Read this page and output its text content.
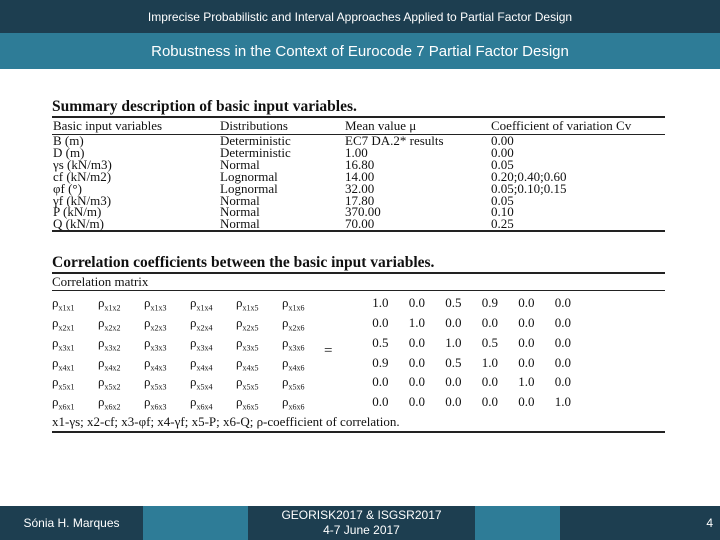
Imprecise Probabilistic and Interval Approaches Applied to Partial Factor Design
Robustness in the Context of Eurocode 7 Partial Factor Design
Summary description of basic input variables.
Basic input variables	Distributions	Mean value μ	Coefficient of variation Cv
B (m)	Deterministic	EC7 DA.2* results	0.00
D (m)	Deterministic	1.00	0.00
γs (kN/m3)	Normal	16.80	0.05
cf (kN/m2)	Lognormal	14.00	0.20;0.40;0.60
φf (°)	Lognormal	32.00	0.05;0.10;0.15
γf (kN/m3)	Normal	17.80	0.05
P (kN/m)	Normal	370.00	0.10
Q (kN/m)	Normal	70.00	0.25
Correlation coefficients between the basic input variables.
Correlation matrix
$\rho_{x1x1}$	$\rho_{x1x2}$	$\rho_{x1x3}$	$\rho_{x1x4}$	$\rho_{x1x5}$	$\rho_{x1x6}$
$\rho_{x2x1}$	$\rho_{x2x2}$	$\rho_{x2x3}$	$\rho_{x2x4}$	$\rho_{x2x5}$	$\rho_{x2x6}$
$\rho_{x3x1}$	$\rho_{x3x2}$	$\rho_{x3x3}$	$\rho_{x3x4}$	$\rho_{x3x5}$	$\rho_{x3x6}$
$\rho_{x4x1}$	$\rho_{x4x2}$	$\rho_{x4x3}$	$\rho_{x4x4}$	$\rho_{x4x5}$	$\rho_{x4x6}$
$\rho_{x5x1}$	$\rho_{x5x2}$	$\rho_{x5x3}$	$\rho_{x5x4}$	$\rho_{x5x5}$	$\rho_{x5x6}$
$\rho_{x6x1}$	$\rho_{x6x2}$	$\rho_{x6x3}$	$\rho_{x6x4}$	$\rho_{x6x5}$	$\rho_{x6x6}$
=
1.0	0.0	0.5	0.9	0.0	0.0
0.0	1.0	0.0	0.0	0.0	0.0
0.5	0.0	1.0	0.5	0.0	0.0
0.9	0.0	0.5	1.0	0.0	0.0
0.0	0.0	0.0	0.0	1.0	0.0
0.0	0.0	0.0	0.0	0.0	1.0
x1-γs; x2-cf; x3-φf; x4-γf; x5-P; x6-Q; ρ-coefficient of correlation.
Sónia H. Marques
GEORISK2017 & ISGSR2017
4-7 June 2017	4
